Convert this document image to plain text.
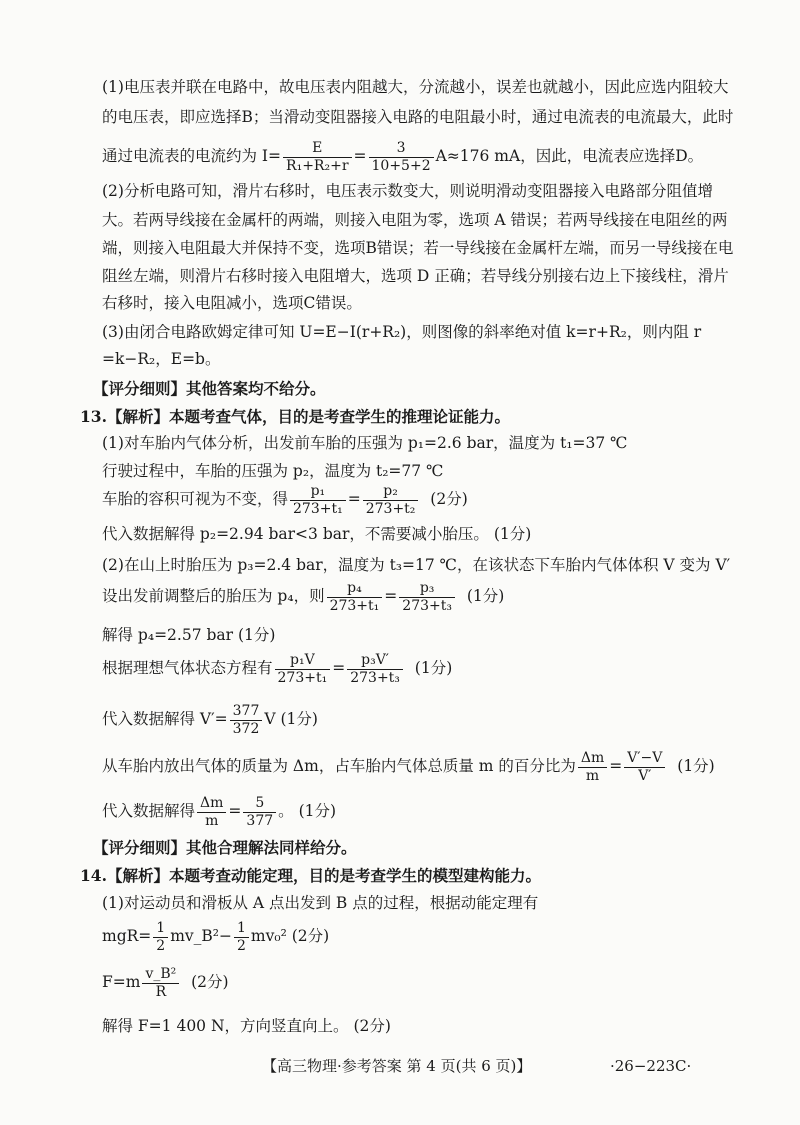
(1)电压表并联在电路中，故电压表内阻越大，分流越小，误差也就越小，因此应选内阻较大
的电压表，即应选择B；当滑动变阻器接入电路的电阻最小时，通过电流表的电流最大，此时
通过电流表的电流约为 $I= \frac{E}{\text{R₁+R₂+r}} = \frac{3}{10+5+2} A\approx 176$ mA，因此，电流表应选择D。
(2)分析电路可知，滑片右移时，电压表示数变大，则说明滑动变阻器接入电路部分阻值增
大。若两导线接在金属杆的两端，则接入电阻为零，选项 A 错误；若两导线接在电阻丝的两
端，则接入电阻最大并保持不变，选项B错误；若一导线接在金属杆左端，而另一导线接在电
阻丝左端，则滑片右移时接入电阻增大，选项 D 正确；若导线分别接右边上下接线柱，滑片
右移时，接入电阻减小，选项C错误。
(3)由闭合电路欧姆定律可知 U=E−I(r+R₂)，则图像的斜率绝对值 k=r+R₂，则内阻 r
=k−R₂，E=b。
【评分细则】其他答案均不给分。
13.【解析】本题考查气体，目的是考查学生的推理论证能力。
(1)对车胎内气体分析，出发前车胎的压强为 p₁=2.6 bar，温度为 t₁=37 ℃
行驶过程中，车胎的压强为 p₂，温度为 t₂=77 ℃
车胎的容积可视为不变，得 $\frac{\text{p₁}}{\text{273+t₁}} = \frac{\text{p₂}}{\text{273+t₂}} (2$分)
代入数据解得 p₂=2.94 bar<3 bar，不需要减小胎压。 (1分)
(2)在山上时胎压为 p₃=2.4 bar，温度为 t₃=17 ℃，在该状态下车胎内气体体积 V 变为 V′
设出发前调整后的胎压为 p₄，则 $\frac{\text{p₄}}{\text{273+t₁}} = \frac{\text{p₃}}{\text{273+t₃}} (1$分)
解得 p₄=2.57 bar (1分)
根据理想气体状态方程有 $\frac{\text{p₁V}}{\text{273+t₁}} = \frac{\text{p₃V′}}{\text{273+t₃}} (1$分)
代入数据解得 $V'= \frac{377}{372}$ V (1分)
从车胎内放出气体的质量为 Δm，占车胎内气体总质量 m 的百分比为 $\frac{\Delta m}{m} = \frac{V'-V}{V'} (1$分)
代入数据解得 $\frac{\Delta m}{m} = \frac{5}{377}$ 。 (1分)
【评分细则】其他合理解法同样给分。
14.【解析】本题考查动能定理，目的是考查学生的模型建构能力。
(1)对运动员和滑板从 A 点出发到 B 点的过程，根据动能定理有
$mgR= \frac{1}{2}$ mv_B²− $\frac{1}{2} mv_0^2$ (2分)
$F=m \frac{\text{v\_B²}}{R} (2$分)
解得 F=1 400 N，方向竖直向上。 (2分)
【高三物理·参考答案 第 4 页(共 6 页)】	·26−223C·
